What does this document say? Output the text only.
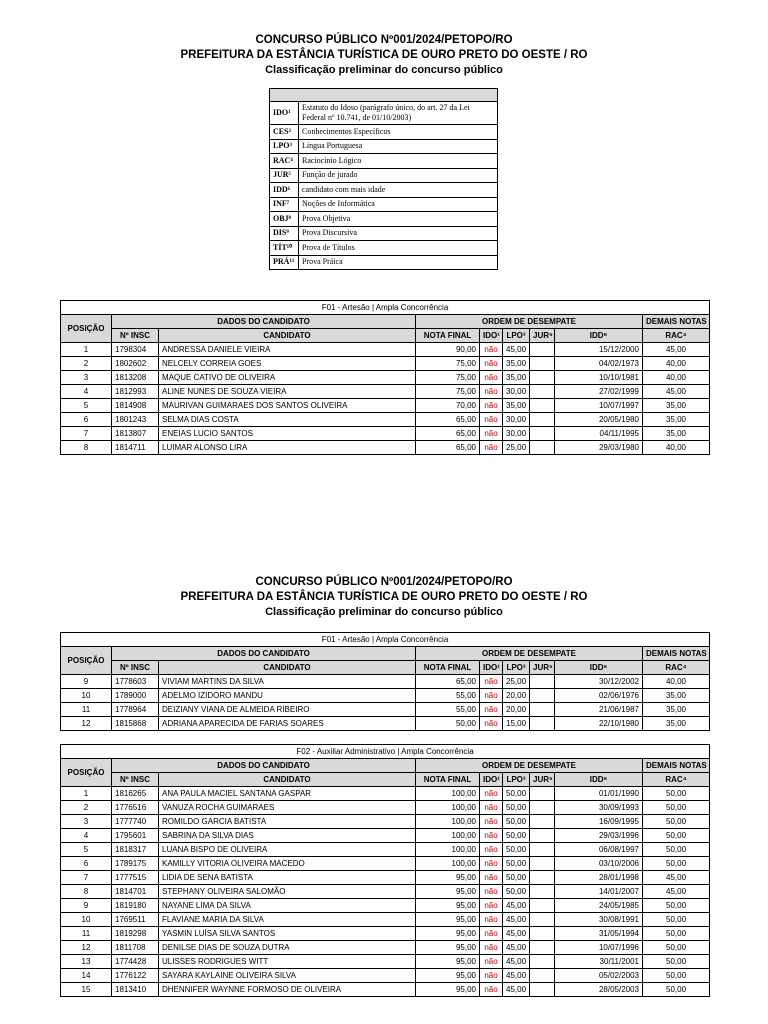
CONCURSO PÚBLICO Nº001/2024/PETOPO/RO
PREFEITURA DA ESTÂNCIA TURÍSTICA DE OURO PRETO DO OESTE / RO
Classificação preliminar do concurso público

IDO¹	Estatuto do Idoso (parágrafo único, do art. 27 da Lei Federal nº 10.741, de 01/10/2003)
CES²	Conhecimentos Específicos
LPO³	Língua Portuguesa
RAC⁴	Raciocínio Lógico
JUR⁵	Função de jurado
IDD⁶	candidato com mais idade
INF⁷	Noções de Informática
OBJ⁸	Prova Objetiva
DIS⁹	Prova Discursiva
TÍT¹⁰	Prova de Títulos
PRÁ¹¹	Prova Práica
CONCURSO PÚBLICO Nº001/2024/PETOPO/RO
PREFEITURA DA ESTÂNCIA TURÍSTICA DE OURO PRETO DO OESTE / RO
Classificação preliminar do concurso público
F01 - Artesão | Ampla Concorrência								
POSIÇÃO	DADOS DO CANDIDATO		ORDEM DE DESEMPATE					DEMAIS NOTAS
	Nº INSC	CANDIDATO	NOTA FINAL	IDO¹	LPO³	JUR⁵	IDD⁶	RAC⁴
1	1798304	ANDRESSA DANIELE VIEIRA	90,00	não	45,00		15/12/2000	45,00
2	1802602	NELCELY CORREIA GOES	75,00	não	35,00		04/02/1973	40,00
3	1813208	MAQUE CATIVO DE OLIVEIRA	75,00	não	35,00		10/10/1981	40,00
4	1812993	ALINE NUNES DE SOUZA VIEIRA	75,00	não	30,00		27/02/1999	45,00
5	1814908	MAURIVAN GUIMARAES DOS SANTOS OLIVEIRA	70,00	não	35,00		10/07/1997	35,00
6	1801243	SELMA DIAS COSTA	65,00	não	30,00		20/05/1980	35,00
7	1813807	ENEIAS LUCIO SANTOS	65,00	não	30,00		04/11/1995	35,00
8	1814711	LUIMAR ALONSO LIRA	65,00	não	25,00		29/03/1980	40,00
F01 - Artesão | Ampla Concorrência								
POSIÇÃO	DADOS DO CANDIDATO		ORDEM DE DESEMPATE					DEMAIS NOTAS
	Nº INSC	CANDIDATO	NOTA FINAL	IDO¹	LPO³	JUR⁵	IDD⁶	RAC⁴
9	1778603	VIVIAM MARTINS DA SILVA	65,00	não	25,00		30/12/2002	40,00
10	1789000	ADELMO IZIDORO MANDU	55,00	não	20,00		02/06/1976	35,00
11	1778964	DEIZIANY VIANA DE ALMEIDA RIBEIRO	55,00	não	20,00		21/06/1987	35,00
12	1815868	ADRIANA APARECIDA DE FARIAS SOARES	50,00	não	15,00		22/10/1980	35,00
F02 - Auxiliar Administrativo | Ampla Concorrência								
POSIÇÃO	DADOS DO CANDIDATO		ORDEM DE DESEMPATE					DEMAIS NOTAS
	Nº INSC	CANDIDATO	NOTA FINAL	IDO¹	LPO³	JUR⁵	IDD⁶	RAC⁴
1	1816265	ANA PAULA MACIEL SANTANA GASPAR	100,00	não	50,00		01/01/1990	50,00
2	1776516	VANUZA ROCHA GUIMARAES	100,00	não	50,00		30/09/1993	50,00
3	1777740	ROMILDO GARCIA BATISTA	100,00	não	50,00		16/09/1995	50,00
4	1795601	SABRINA DA SILVA DIAS	100,00	não	50,00		29/03/1996	50,00
5	1818317	LUANA BISPO DE OLIVEIRA	100,00	não	50,00		06/08/1997	50,00
6	1789175	KAMILLY VITORIA OLIVEIRA MACEDO	100,00	não	50,00		03/10/2006	50,00
7	1777515	LIDIA DE SENA BATISTA	95,00	não	50,00		28/01/1998	45,00
8	1814701	STEPHANY OLIVEIRA SALOMÃO	95,00	não	50,00		14/01/2007	45,00
9	1819180	NAYANE LIMA DA SILVA	95,00	não	45,00		24/05/1985	50,00
10	1769511	FLAVIANE MARIA DA SILVA	95,00	não	45,00		30/08/1991	50,00
11	1819298	YASMIN LUÍSA SILVA SANTOS	95,00	não	45,00		31/05/1994	50,00
12	1811708	DENILSE DIAS DE SOUZA DUTRA	95,00	não	45,00		10/07/1996	50,00
13	1774428	ULISSES RODRIGUES WITT	95,00	não	45,00		30/11/2001	50,00
14	1776122	SAYARA KAYLAINE OLIVEIRA SILVA	95,00	não	45,00		05/02/2003	50,00
15	1813410	DHENNIFER WAYNNE FORMOSO DE OLIVEIRA	95,00	não	45,00		28/05/2003	50,00
